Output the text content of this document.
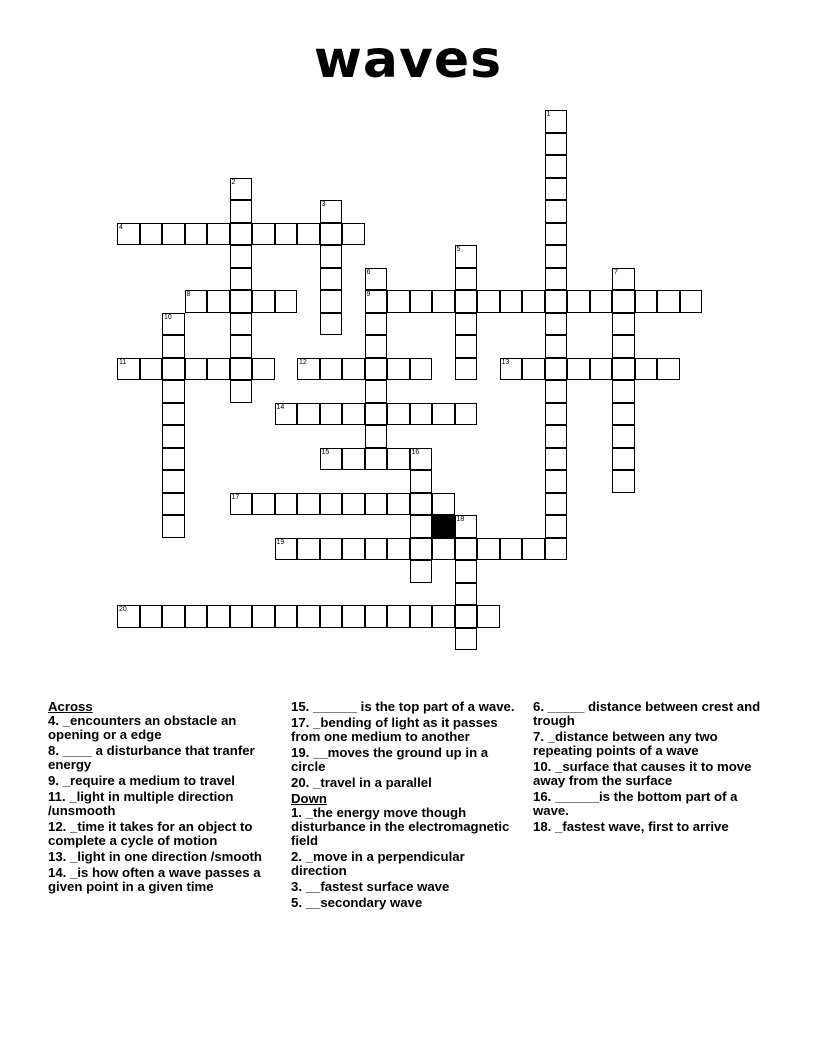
waves
1
2
3
4
5
6
9
7
8
10
11	12	13
14
15	16
17
18
19
20
Across
4. _encounters an obstacle an opening or a edge
8. ____ a disturbance that tranfer energy
9. _require a medium to travel
11. _light in multiple direction /unsmooth
12. _time it takes for an object to complete a cycle of motion
13. _light in one direction /smooth
14. _is how often a wave passes a given point in a given time
15. ______ is the top part of a wave.
17. _bending of light as it passes from one medium to another
19. __moves the ground up in a circle
20. _travel in a parallel
Down
1. _the energy move though disturbance in the electromagnetic field
2. _move in a perpendicular direction
3. __fastest surface wave
5. __secondary wave
6. _____ distance between crest and trough
7. _distance between any two repeating points of a wave
10. _surface that causes it to move away from the surface
16. ______is the bottom part of a wave.
18. _fastest wave, first to arrive
